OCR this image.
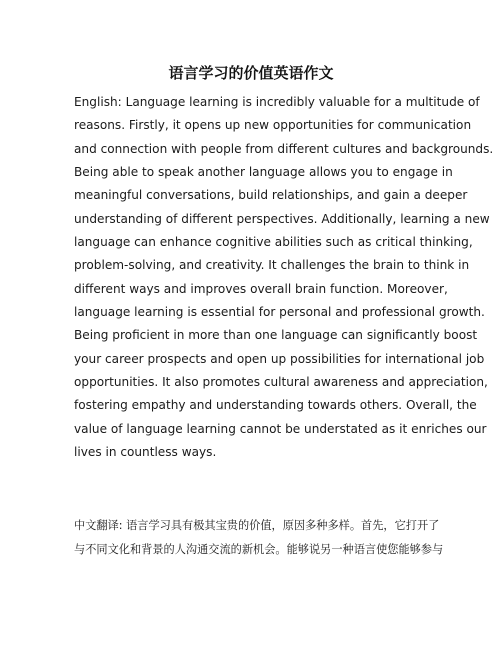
语言学习的价值英语作文
English: Language learning is incredibly valuable for a multitude of
reasons. Firstly, it opens up new opportunities for communication
and connection with people from different cultures and backgrounds.
Being able to speak another language allows you to engage in
meaningful conversations, build relationships, and gain a deeper
understanding of different perspectives. Additionally, learning a new
language can enhance cognitive abilities such as critical thinking,
problem-solving, and creativity. It challenges the brain to think in
different ways and improves overall brain function. Moreover,
language learning is essential for personal and professional growth.
Being proficient in more than one language can significantly boost
your career prospects and open up possibilities for international job
opportunities. It also promotes cultural awareness and appreciation,
fostering empathy and understanding towards others. Overall, the
value of language learning cannot be understated as it enriches our
lives in countless ways.
中文翻译: 语言学习具有极其宝贵的价值，原因多种多样。首先，它打开了
与不同文化和背景的人沟通交流的新机会。能够说另一种语言使您能够参与
